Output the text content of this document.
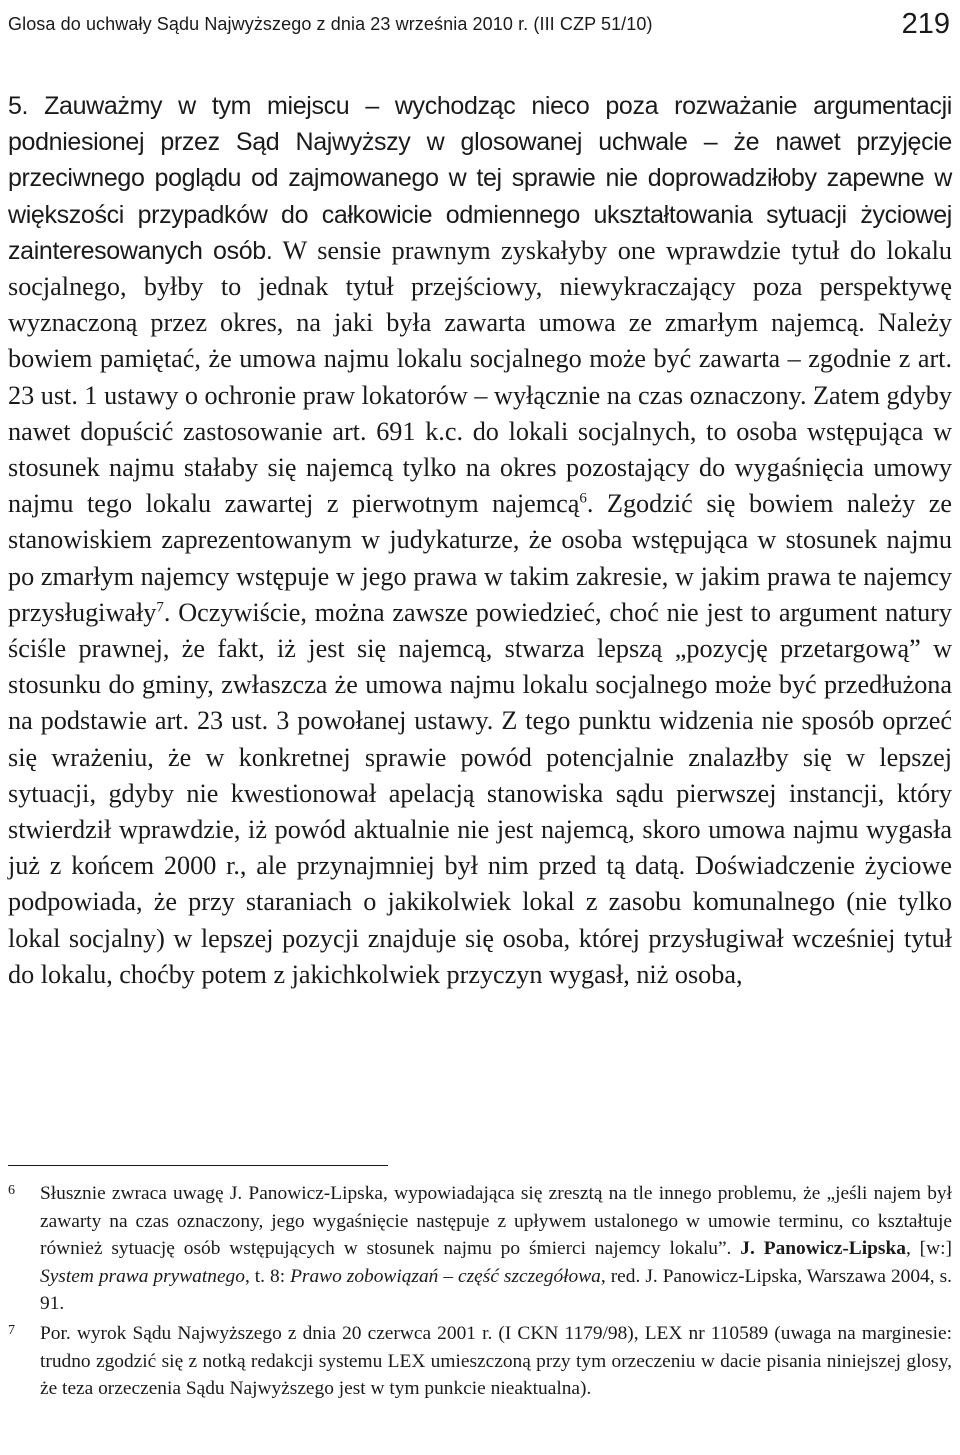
Glosa do uchwały Sądu Najwyższego z dnia 23 września 2010 r. (III CZP 51/10)	219

5. Zauważmy w tym miejscu – wychodząc nieco poza rozważanie argumentacji podniesionej przez Sąd Najwyższy w glosowanej uchwale – że nawet przyjęcie przeciwnego poglądu od zajmowanego w tej sprawie nie doprowadziłoby zapewne w większości przypadków do całkowicie odmiennego ukształtowania sytuacji życiowej zainteresowanych osób. W sensie prawnym zyskałyby one wprawdzie tytuł do lokalu socjalnego, byłby to jednak tytuł przejściowy, niewykraczający poza perspektywę wyznaczoną przez okres, na jaki była zawarta umowa ze zmarłym najemcą. Należy bowiem pamiętać, że umowa najmu lokalu socjalnego może być zawarta – zgodnie z art. 23 ust. 1 ustawy o ochronie praw lokatorów – wyłącznie na czas oznaczony. Zatem gdyby nawet dopuścić zastosowanie art. 691 k.c. do lokali socjalnych, to osoba wstępująca w stosunek najmu stałaby się najemcą tylko na okres pozostający do wygaśnięcia umowy najmu tego lokalu zawartej z pierwotnym najemcą$^6$. Zgodzić się bowiem należy ze stanowiskiem zaprezentowanym w judykaturze, że osoba wstępująca w stosunek najmu po zmarłym najemcy wstępuje w jego prawa w takim zakresie, w jakim prawa te najemcy przysługiwały$^7$. Oczywiście, można zawsze powiedzieć, choć nie jest to argument natury ściśle prawnej, że fakt, iż jest się najemcą, stwarza lepszą „pozycję przetargową” w stosunku do gminy, zwłaszcza że umowa najmu lokalu socjalnego może być przedłużona na podstawie art. 23 ust. 3 powołanej ustawy. Z tego punktu widzenia nie sposób oprzeć się wrażeniu, że w konkretnej sprawie powód potencjalnie znalazłby się w lepszej sytuacji, gdyby nie kwestionował apelacją stanowiska sądu pierwszej instancji, który stwierdził wprawdzie, iż powód aktualnie nie jest najemcą, skoro umowa najmu wygasła już z końcem 2000 r., ale przynajmniej był nim przed tą datą. Doświadczenie życiowe podpowiada, że przy staraniach o jakikolwiek lokal z zasobu komunalnego (nie tylko lokal socjalny) w lepszej pozycji znajduje się osoba, której przysługiwał wcześniej tytuł do lokalu, choćby potem z jakichkolwiek przyczyn wygasł, niż osoba,

6 Słusznie zwraca uwagę J. Panowicz-Lipska, wypowiadająca się zresztą na tle innego problemu, że „jeśli najem był zawarty na czas oznaczony, jego wygaśnięcie następuje z upływem ustalonego w umowie terminu, co kształtuje również sytuację osób wstępujących w stosunek najmu po śmierci najemcy lokalu”. J. Panowicz-Lipska, [w:] System prawa prywatnego, t. 8: Prawo zobowiązań – część szczegółowa, red. J. Panowicz-Lipska, Warszawa 2004, s. 91.

7 Por. wyrok Sądu Najwyższego z dnia 20 czerwca 2001 r. (I CKN 1179/98), LEX nr 110589 (uwaga na marginesie: trudno zgodzić się z notką redakcji systemu LEX umieszczoną przy tym orzeczeniu w dacie pisania niniejszej glosy, że teza orzeczenia Sądu Najwyższego jest w tym punkcie nieaktualna).
